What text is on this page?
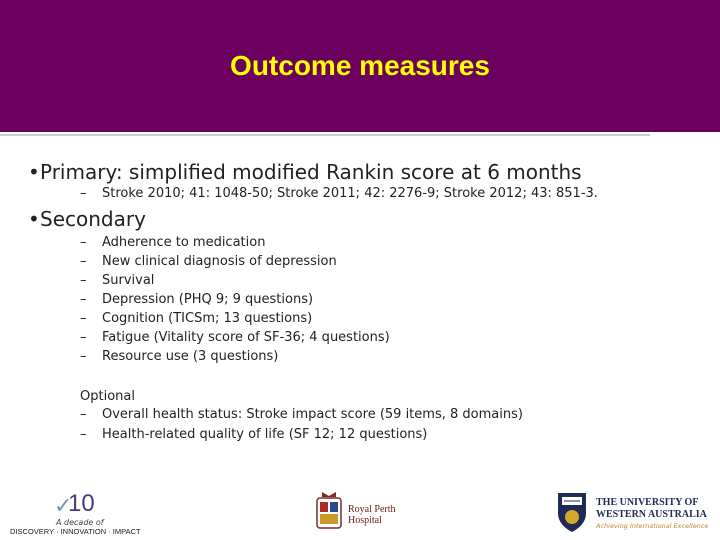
Outcome measures
•Primary: simplified modified Rankin score at 6 months
– Stroke 2010; 41: 1048-50; Stroke 2011; 42: 2276-9; Stroke 2012; 43: 851-3.
•Secondary
– Adherence to medication
– New clinical diagnosis of depression
– Survival
– Depression (PHQ 9; 9 questions)
– Cognition (TICSm; 13 questions)
– Fatigue (Vitality score of SF-36; 4 questions)
– Resource use (3 questions)
Optional
– Overall health status: Stroke impact score (59 items, 8 domains)
– Health-related quality of life (SF 12; 12 questions)
✓
10
A decade of
DISCOVERY · INNOVATION · IMPACT
Royal Perth
Hospital
THE UNIVERSITY OF
WESTERN AUSTRALIA
Achieving International Excellence
